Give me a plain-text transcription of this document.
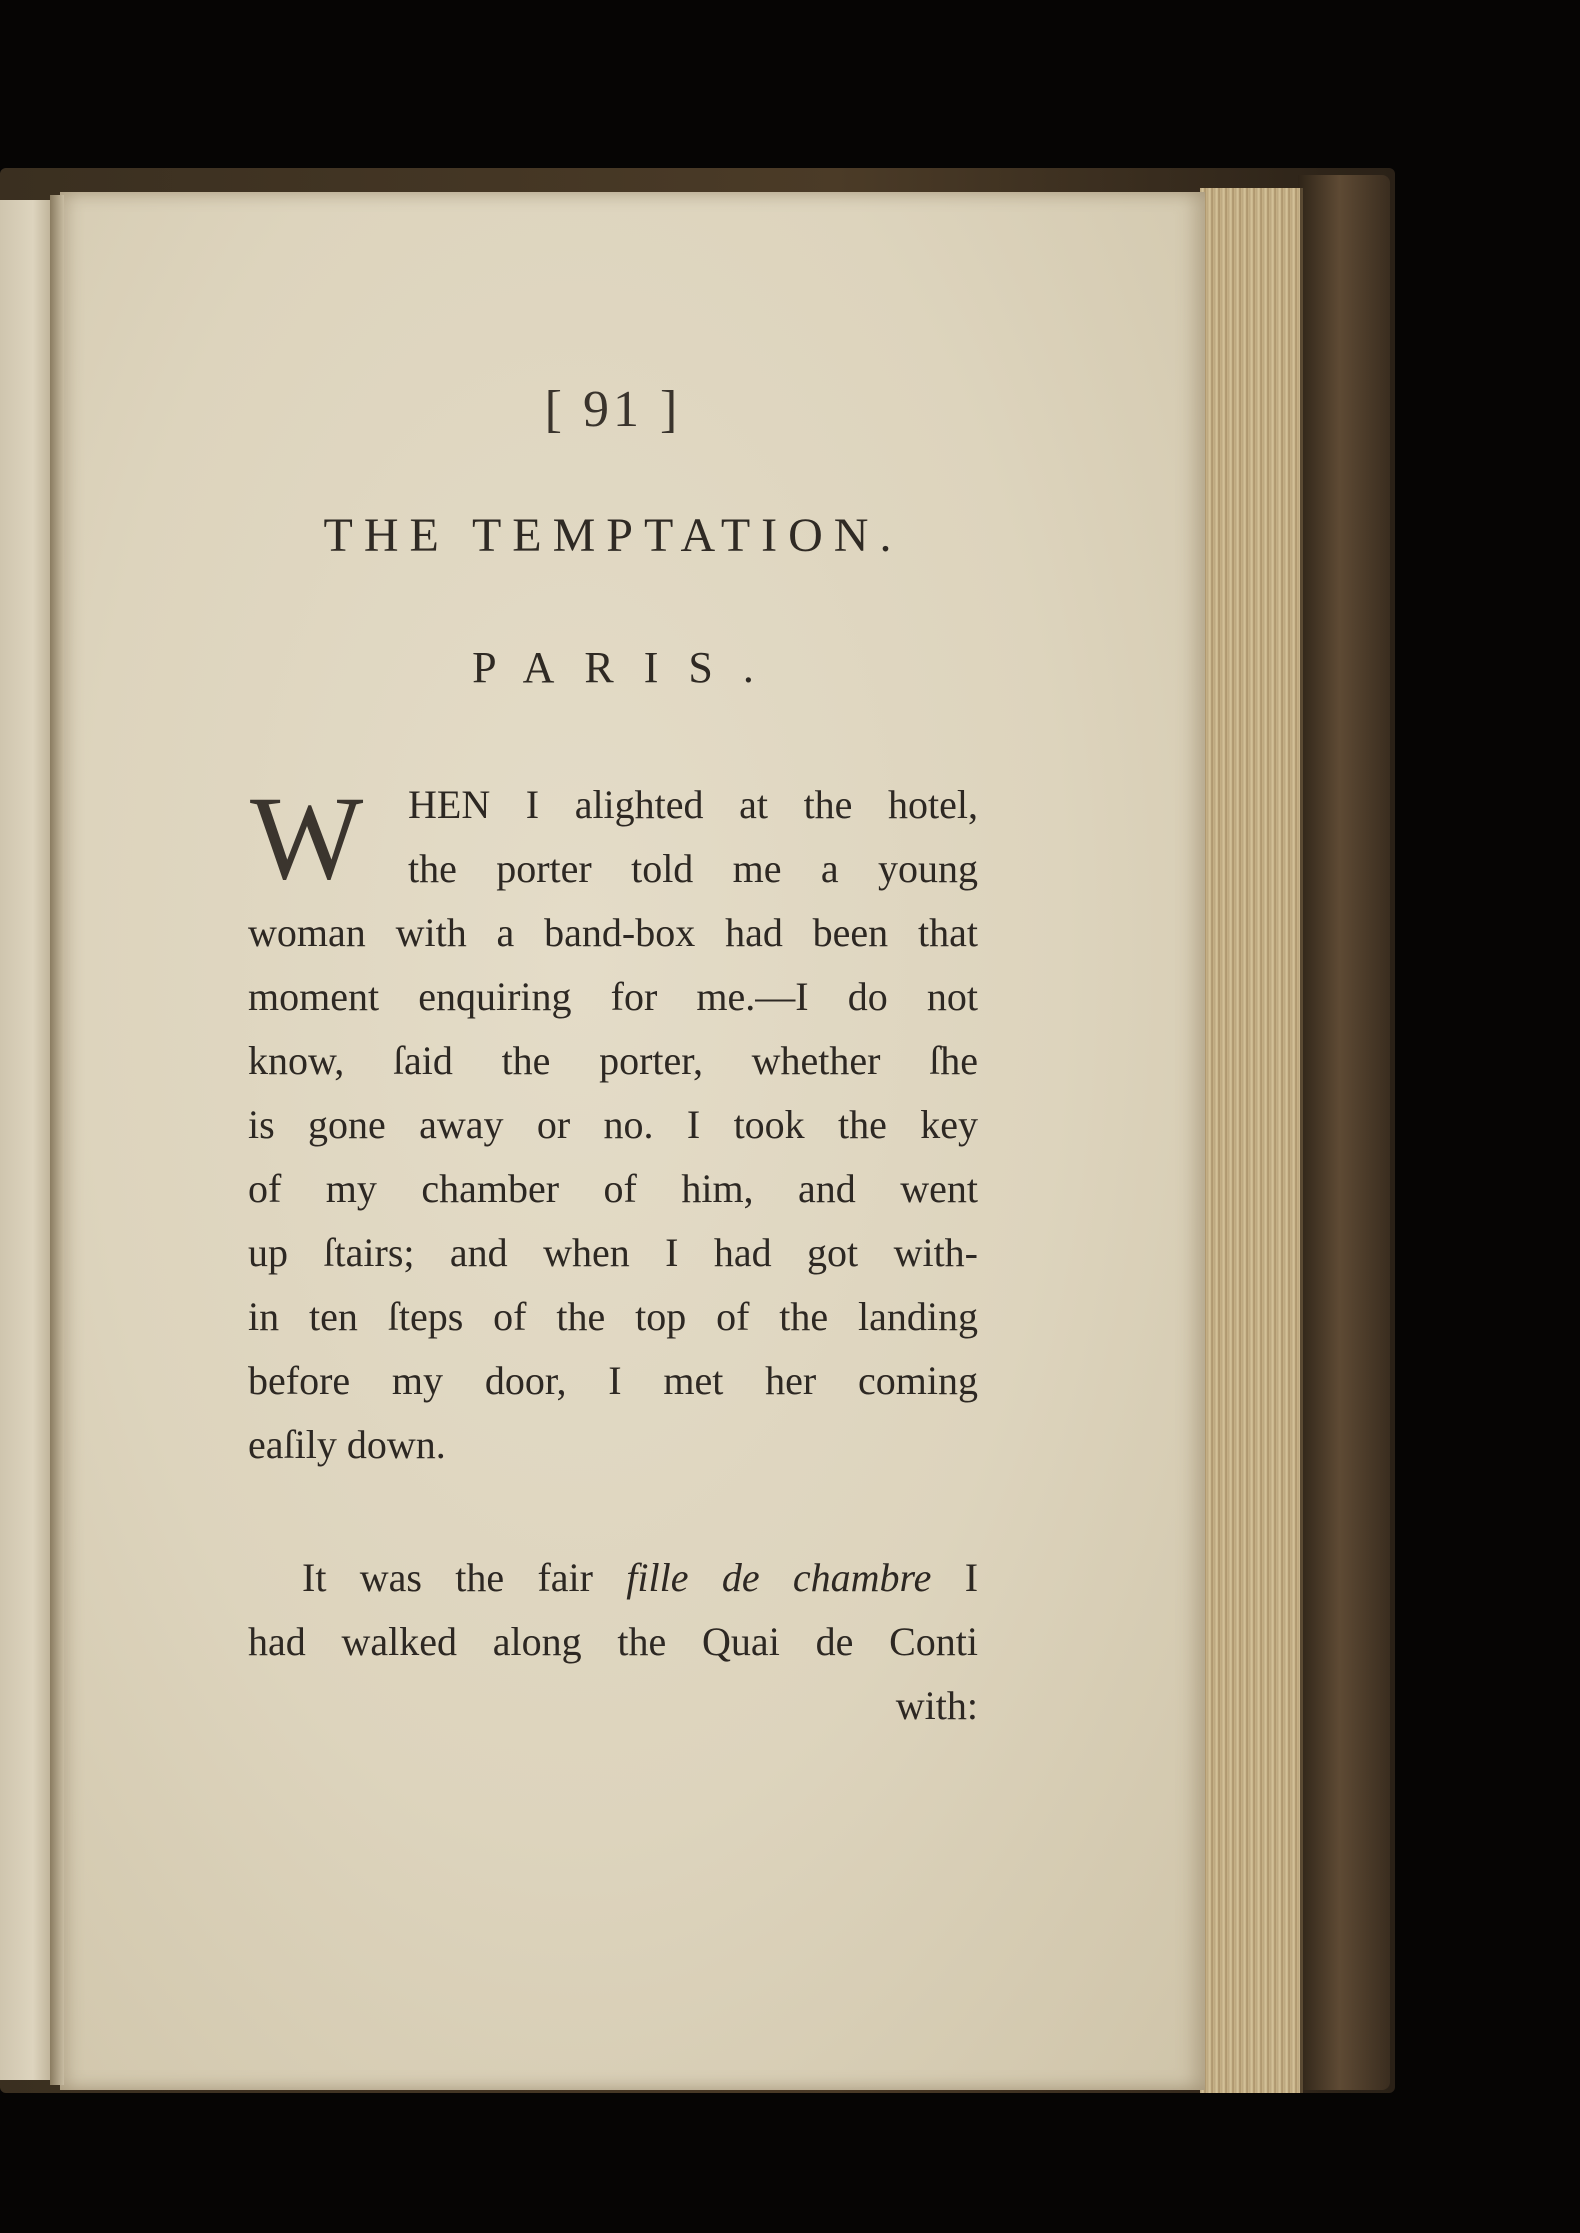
[ 91 ]
THE TEMPTATION.
PARIS.
W HEN I alighted at the hotel,
the porter told me a young
woman with a band-box had been that
moment enquiring for me.—I do not
know, ſaid the porter, whether ſhe
is gone away or no. I took the key
of my chamber of him, and went
up ſtairs; and when I had got with-
in ten ſteps of the top of the landing
before my door, I met her coming
eaſily down.
It was the fair fille de chambre I
had walked along the Quai de Conti
with:
